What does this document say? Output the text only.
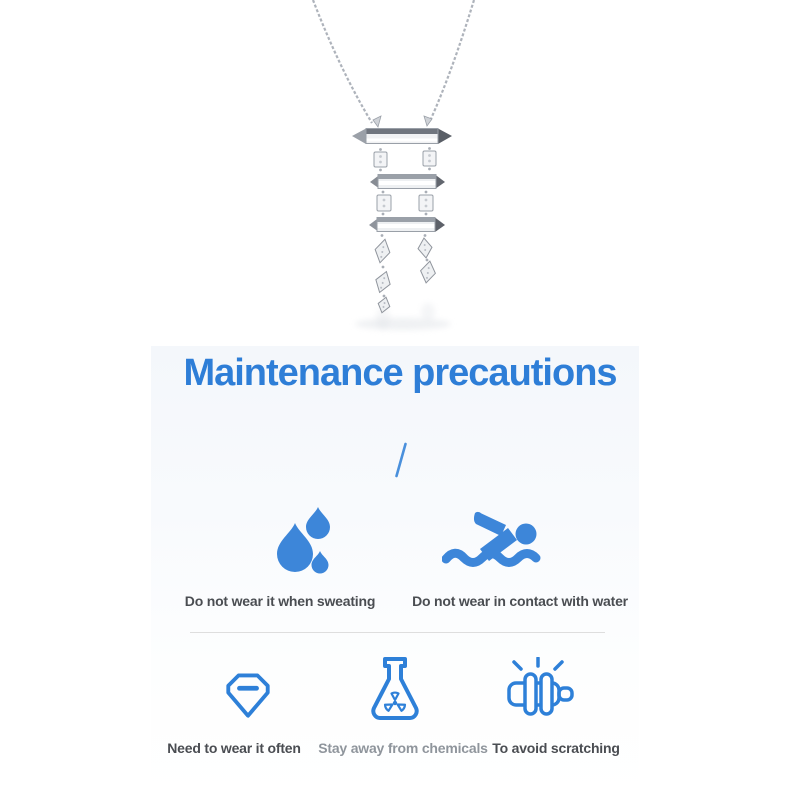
Maintenance precautions
Do not wear it when sweating	Do not wear in contact with water
Need to wear it often	Stay away from chemicals To avoid scratching
